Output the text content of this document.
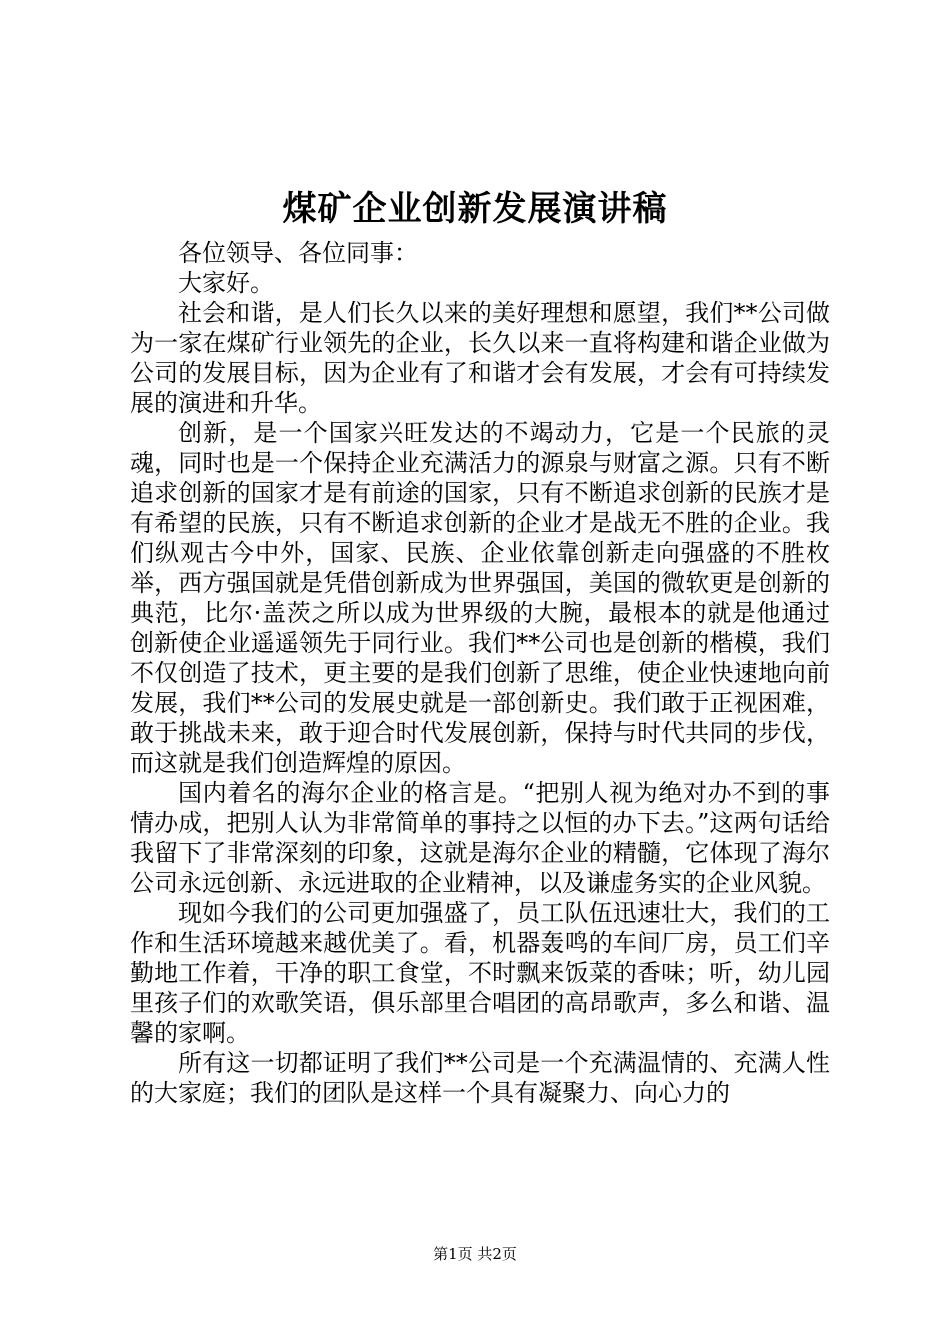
煤矿企业创新发展演讲稿

各位领导、各位同事：

大家好。

社会和谐，是人们长久以来的美好理想和愿望，我们**公司做为一家在煤矿行业领先的企业，长久以来一直将构建和谐企业做为公司的发展目标，因为企业有了和谐才会有发展，才会有可持续发展的演进和升华。

创新，是一个国家兴旺发达的不竭动力，它是一个民旅的灵魂，同时也是一个保持企业充满活力的源泉与财富之源。只有不断追求创新的国家才是有前途的国家，只有不断追求创新的民族才是有希望的民族，只有不断追求创新的企业才是战无不胜的企业。我们纵观古今中外，国家、民族、企业依靠创新走向强盛的不胜枚举，西方强国就是凭借创新成为世界强国，美国的微软更是创新的典范，比尔·盖茨之所以成为世界级的大腕，最根本的就是他通过创新使企业遥遥领先于同行业。我们**公司也是创新的楷模，我们不仅创造了技术，更主要的是我们创新了思维，使企业快速地向前发展，我们**公司的发展史就是一部创新史。我们敢于正视困难，敢于挑战未来，敢于迎合时代发展创新，保持与时代共同的步伐，而这就是我们创造辉煌的原因。

国内着名的海尔企业的格言是。“把别人视为绝对办不到的事情办成，把别人认为非常简单的事持之以恒的办下去。”这两句话给我留下了非常深刻的印象，这就是海尔企业的精髓，它体现了海尔公司永远创新、永远进取的企业精神，以及谦虚务实的企业风貌。

现如今我们的公司更加强盛了，员工队伍迅速壮大，我们的工作和生活环境越来越优美了。看，机器轰鸣的车间厂房，员工们辛勤地工作着，干净的职工食堂，不时飘来饭菜的香味；听，幼儿园里孩子们的欢歌笑语，俱乐部里合唱团的高昂歌声，多么和谐、温馨的家啊。

所有这一切都证明了我们**公司是一个充满温情的、充满人性的大家庭；我们的团队是这样一个具有凝聚力、向心力的

第1页 共2页
